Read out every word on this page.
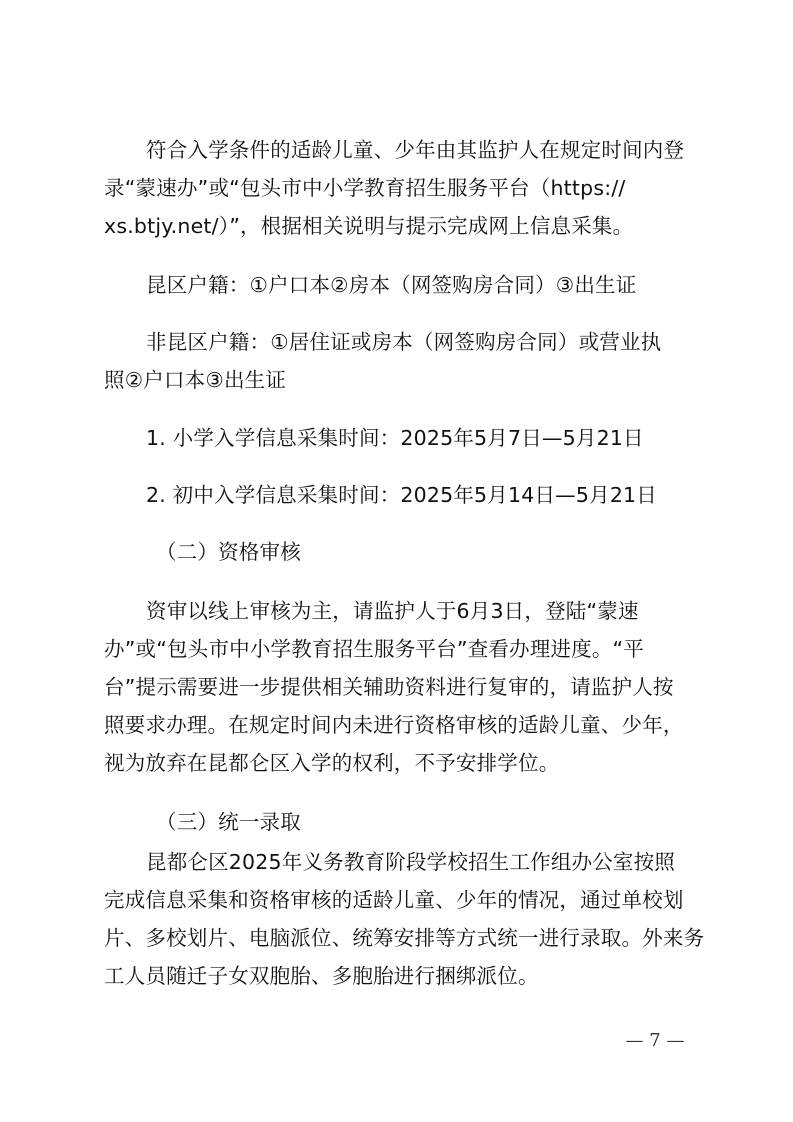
符合入学条件的适龄儿童、少年由其监护人在规定时间内登
录“蒙速办”或“包头市中小学教育招生服务平台（https://
xs.btjy.net/）”，根据相关说明与提示完成网上信息采集。

昆区户籍：①户口本②房本（网签购房合同）③出生证

非昆区户籍：①居住证或房本（网签购房合同）或营业执
照②户口本③出生证

1. 小学入学信息采集时间：2025年5月7日—5月21日

2. 初中入学信息采集时间：2025年5月14日—5月21日

（二）资格审核

资审以线上审核为主，请监护人于6月3日，登陆“蒙速
办”或“包头市中小学教育招生服务平台”查看办理进度。“平
台”提示需要进一步提供相关辅助资料进行复审的，请监护人按
照要求办理。在规定时间内未进行资格审核的适龄儿童、少年，
视为放弃在昆都仑区入学的权利，不予安排学位。

（三）统一录取

昆都仑区2025年义务教育阶段学校招生工作组办公室按照
完成信息采集和资格审核的适龄儿童、少年的情况，通过单校划
片、多校划片、电脑派位、统筹安排等方式统一进行录取。外来务
工人员随迁子女双胞胎、多胞胎进行捆绑派位。

— 7 —
